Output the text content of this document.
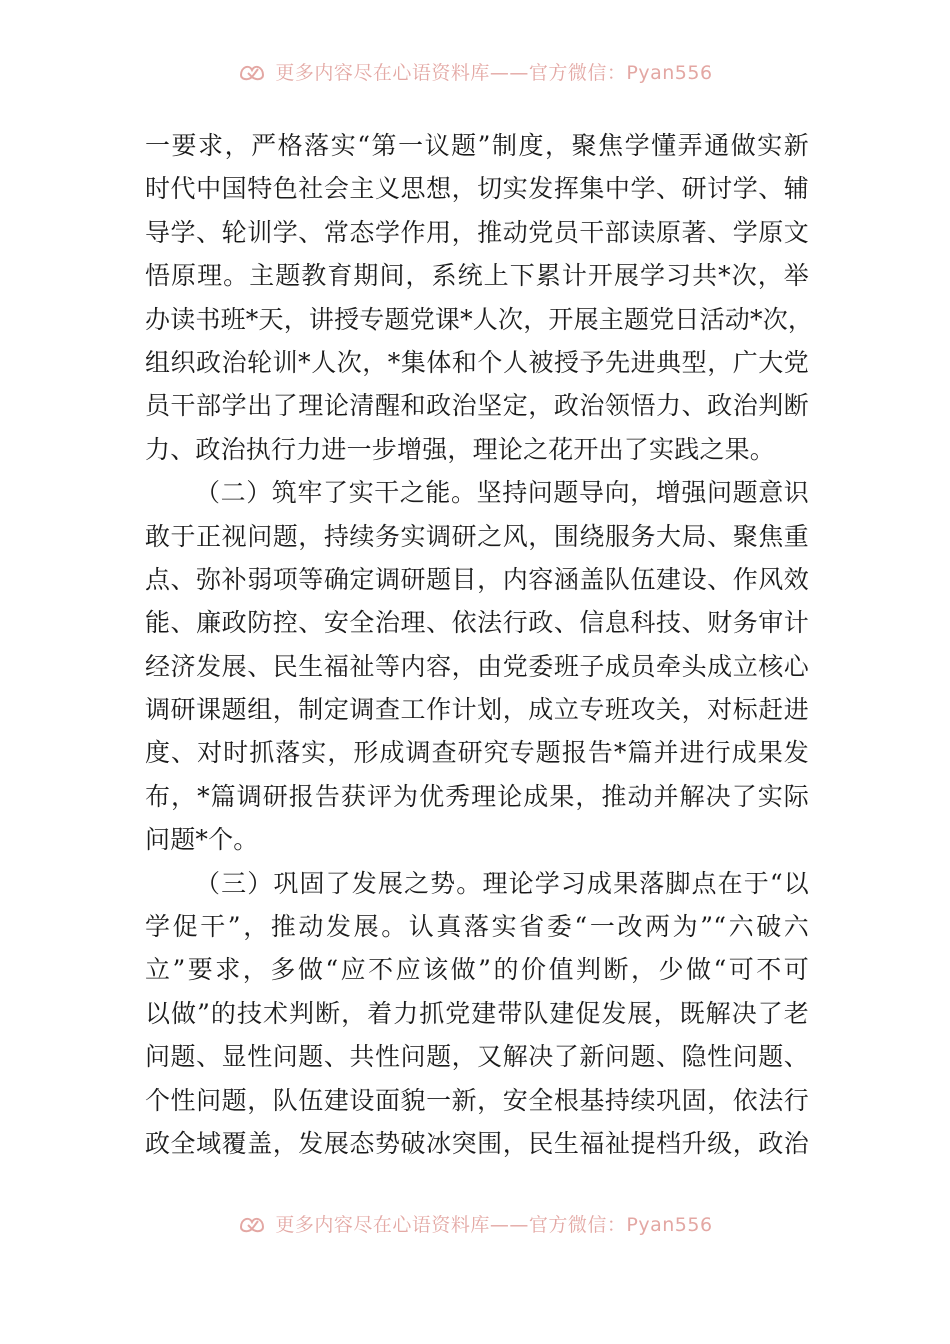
更多内容尽在心语资料库——官方微信：Pyan556
一要求，严格落实“第一议题”制度，聚焦学懂弄通做实新
时代中国特色社会主义思想，切实发挥集中学、研讨学、辅
导学、轮训学、常态学作用，推动党员干部读原著、学原文
悟原理。主题教育期间，系统上下累计开展学习共*次，举
办读书班*天，讲授专题党课*人次，开展主题党日活动*次，
组织政治轮训*人次，*集体和个人被授予先进典型，广大党
员干部学出了理论清醒和政治坚定，政治领悟力、政治判断
力、政治执行力进一步增强，理论之花开出了实践之果。
（二）筑牢了实干之能。坚持问题导向，增强问题意识
敢于正视问题，持续务实调研之风，围绕服务大局、聚焦重
点、弥补弱项等确定调研题目，内容涵盖队伍建设、作风效
能、廉政防控、安全治理、依法行政、信息科技、财务审计
经济发展、民生福祉等内容，由党委班子成员牵头成立核心
调研课题组，制定调查工作计划，成立专班攻关，对标赶进
度、对时抓落实，形成调查研究专题报告*篇并进行成果发
布，*篇调研报告获评为优秀理论成果，推动并解决了实际
问题*个。
（三）巩固了发展之势。理论学习成果落脚点在于“以
学促干”，推动发展。认真落实省委“一改两为”“六破六
立”要求，多做“应不应该做”的价值判断，少做“可不可
以做”的技术判断，着力抓党建带队建促发展，既解决了老
问题、显性问题、共性问题，又解决了新问题、隐性问题、
个性问题，队伍建设面貌一新，安全根基持续巩固，依法行
政全域覆盖，发展态势破冰突围，民生福祉提档升级，政治
更多内容尽在心语资料库——官方微信：Pyan556
